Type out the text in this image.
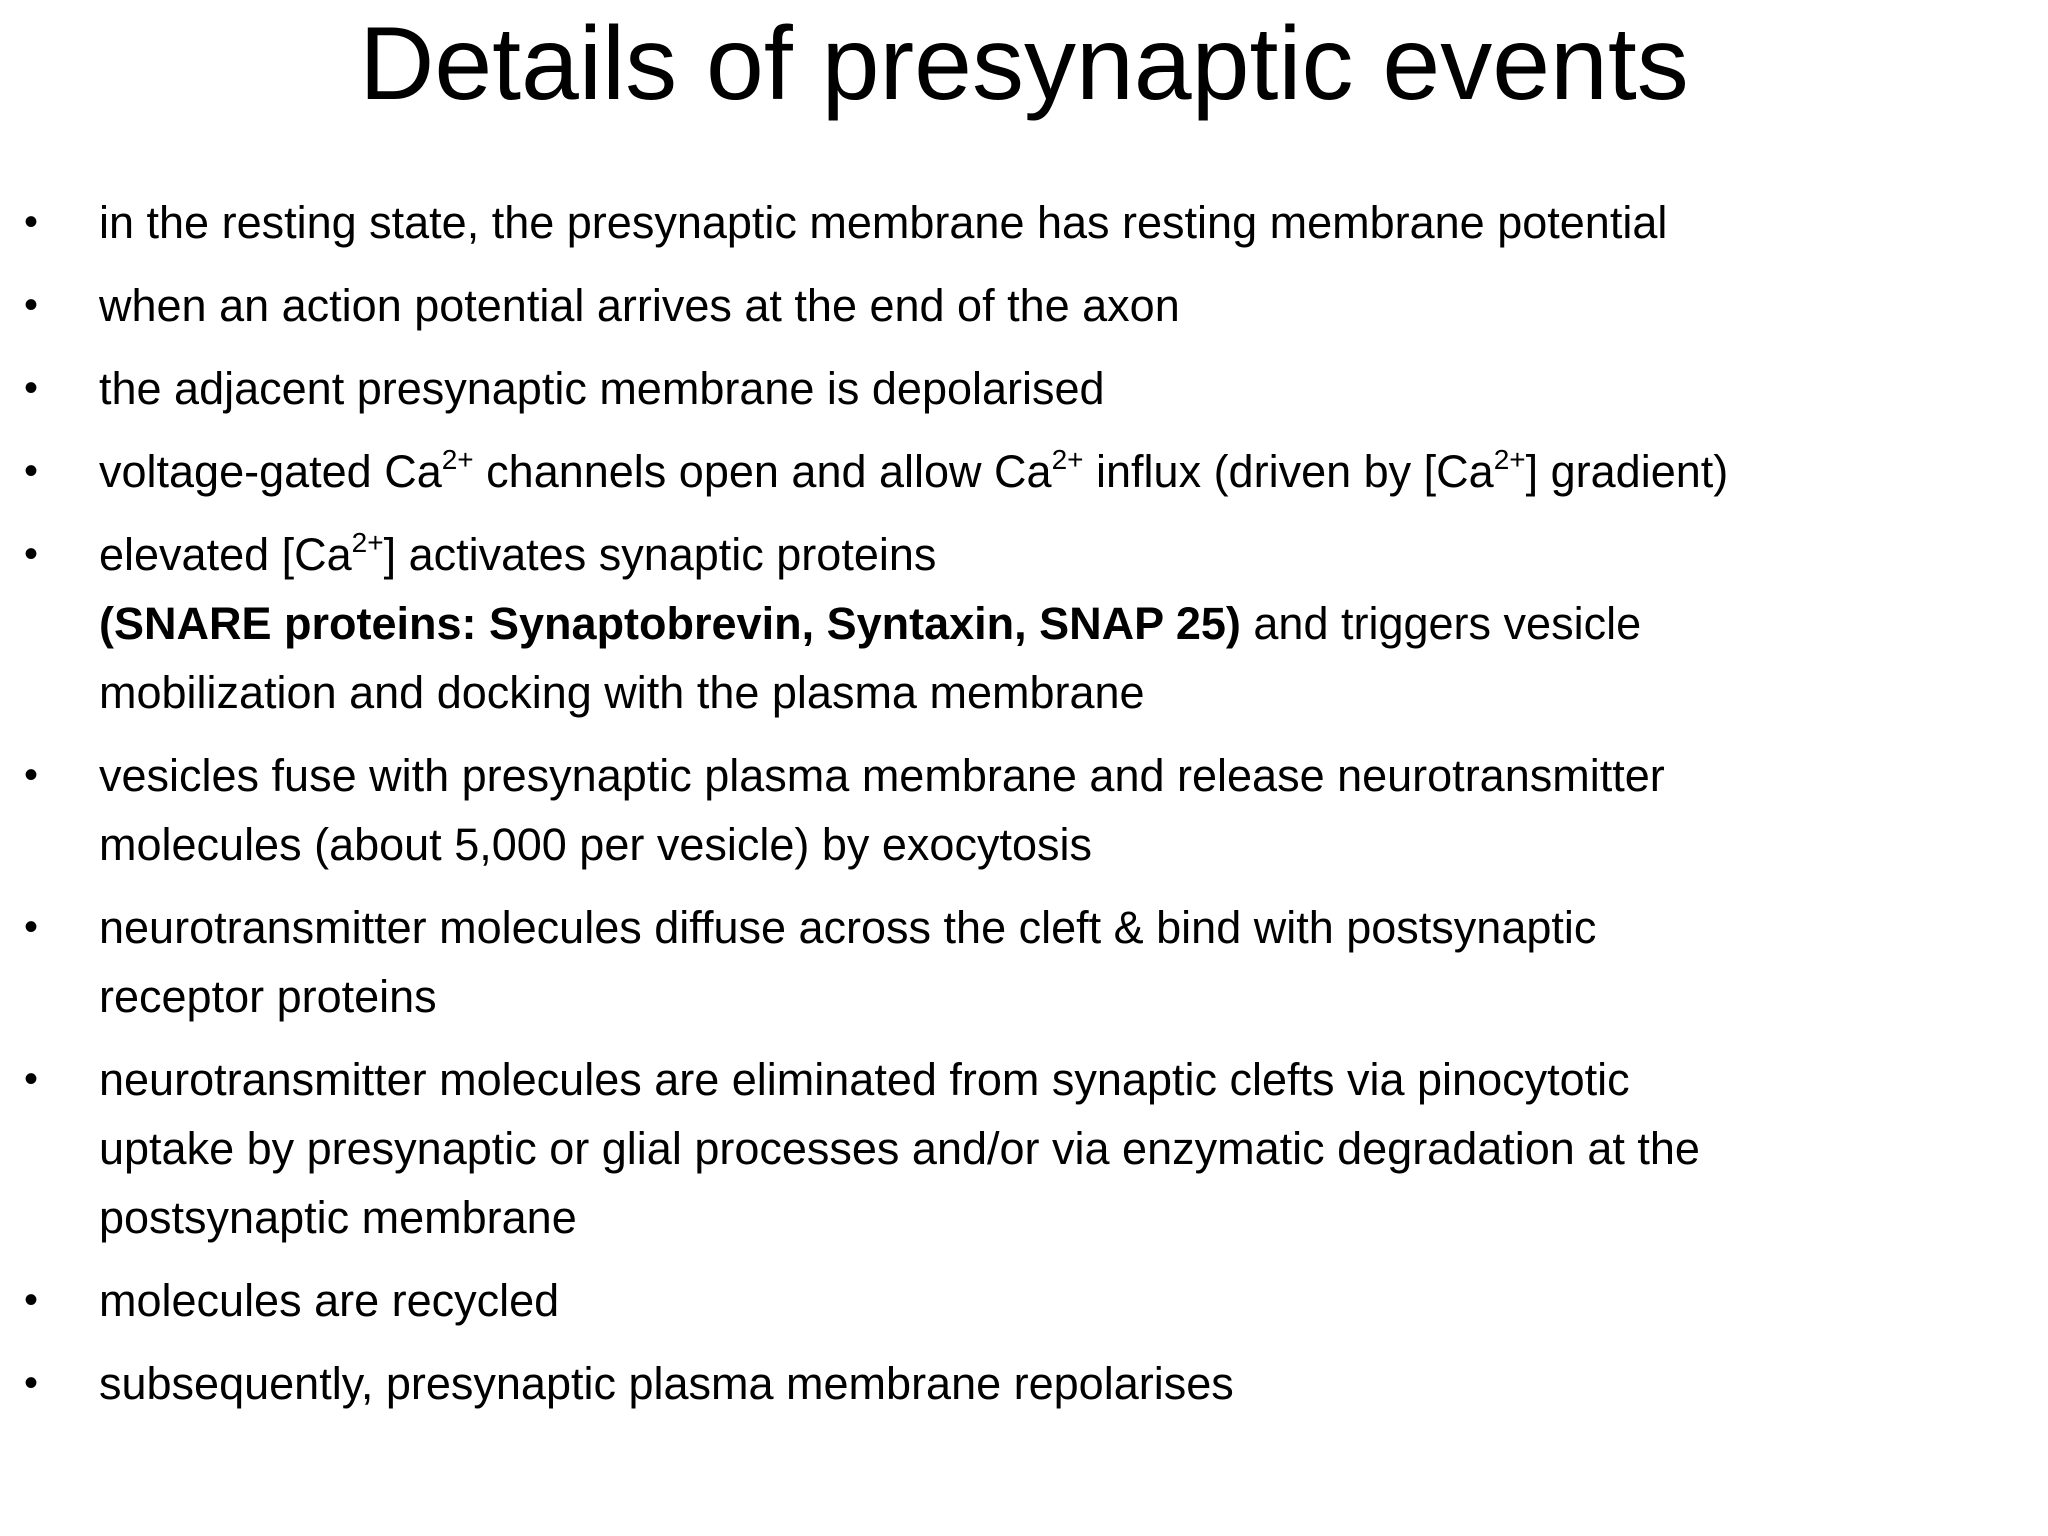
Details of presynaptic events
• in the resting state, the presynaptic membrane has resting membrane potential
• when an action potential arrives at the end of the axon
• the adjacent presynaptic membrane is depolarised
• voltage-gated $Ca^{2+}$ channels open and allow $Ca^{2+}$ influx (driven by $[Ca^{2+}]$ gradient)
• elevated $[Ca^{2+}]$ activates synaptic proteins
(SNARE proteins: Synaptobrevin, Syntaxin, SNAP 25) and triggers vesicle
mobilization and docking with the plasma membrane
• vesicles fuse with presynaptic plasma membrane and release neurotransmitter
molecules (about 5,000 per vesicle) by exocytosis
• neurotransmitter molecules diffuse across the cleft & bind with postsynaptic
receptor proteins
• neurotransmitter molecules are eliminated from synaptic clefts via pinocytotic
uptake by presynaptic or glial processes and/or via enzymatic degradation at the
postsynaptic membrane
• molecules are recycled
• subsequently, presynaptic plasma membrane repolarises
